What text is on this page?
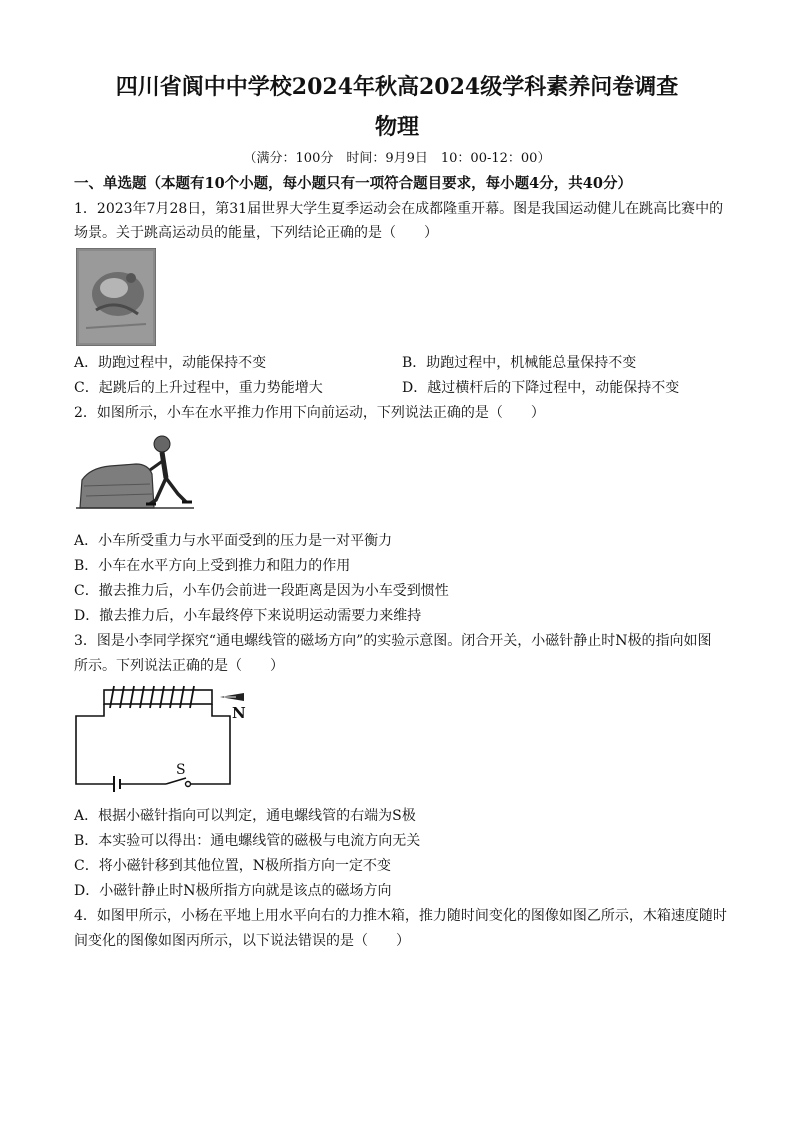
四川省阆中中学校2024年秋高2024级学科素养问卷调查
物理
（满分：100分　时间：9月9日　10：00-12：00）
一、单选题（本题有10个小题，每小题只有一项符合题目要求，每小题4分，共40分）
1．2023年7月28日，第31届世界大学生夏季运动会在成都隆重开幕。图是我国运动健儿在跳高比赛中的
场景。关于跳高运动员的能量，下列结论正确的是（　　）
A．助跑过程中，动能保持不变	B．助跑过程中，机械能总量保持不变
C．起跳后的上升过程中，重力势能增大	D．越过横杆后的下降过程中，动能保持不变
2．如图所示，小车在水平推力作用下向前运动，下列说法正确的是（　　）
A．小车所受重力与水平面受到的压力是一对平衡力
B．小车在水平方向上受到推力和阻力的作用
C．撤去推力后，小车仍会前进一段距离是因为小车受到惯性
D．撤去推力后，小车最终停下来说明运动需要力来维持
3．图是小李同学探究“通电螺线管的磁场方向”的实验示意图。闭合开关，小磁针静止时N极的指向如图
所示。下列说法正确的是（　　）
N
S
A．根据小磁针指向可以判定，通电螺线管的右端为S极
B．本实验可以得出：通电螺线管的磁极与电流方向无关
C．将小磁针移到其他位置，N极所指方向一定不变
D．小磁针静止时N极所指方向就是该点的磁场方向
4．如图甲所示，小杨在平地上用水平向右的力推木箱，推力随时间变化的图像如图乙所示，木箱速度随时
间变化的图像如图丙所示，以下说法错误的是（　　）
